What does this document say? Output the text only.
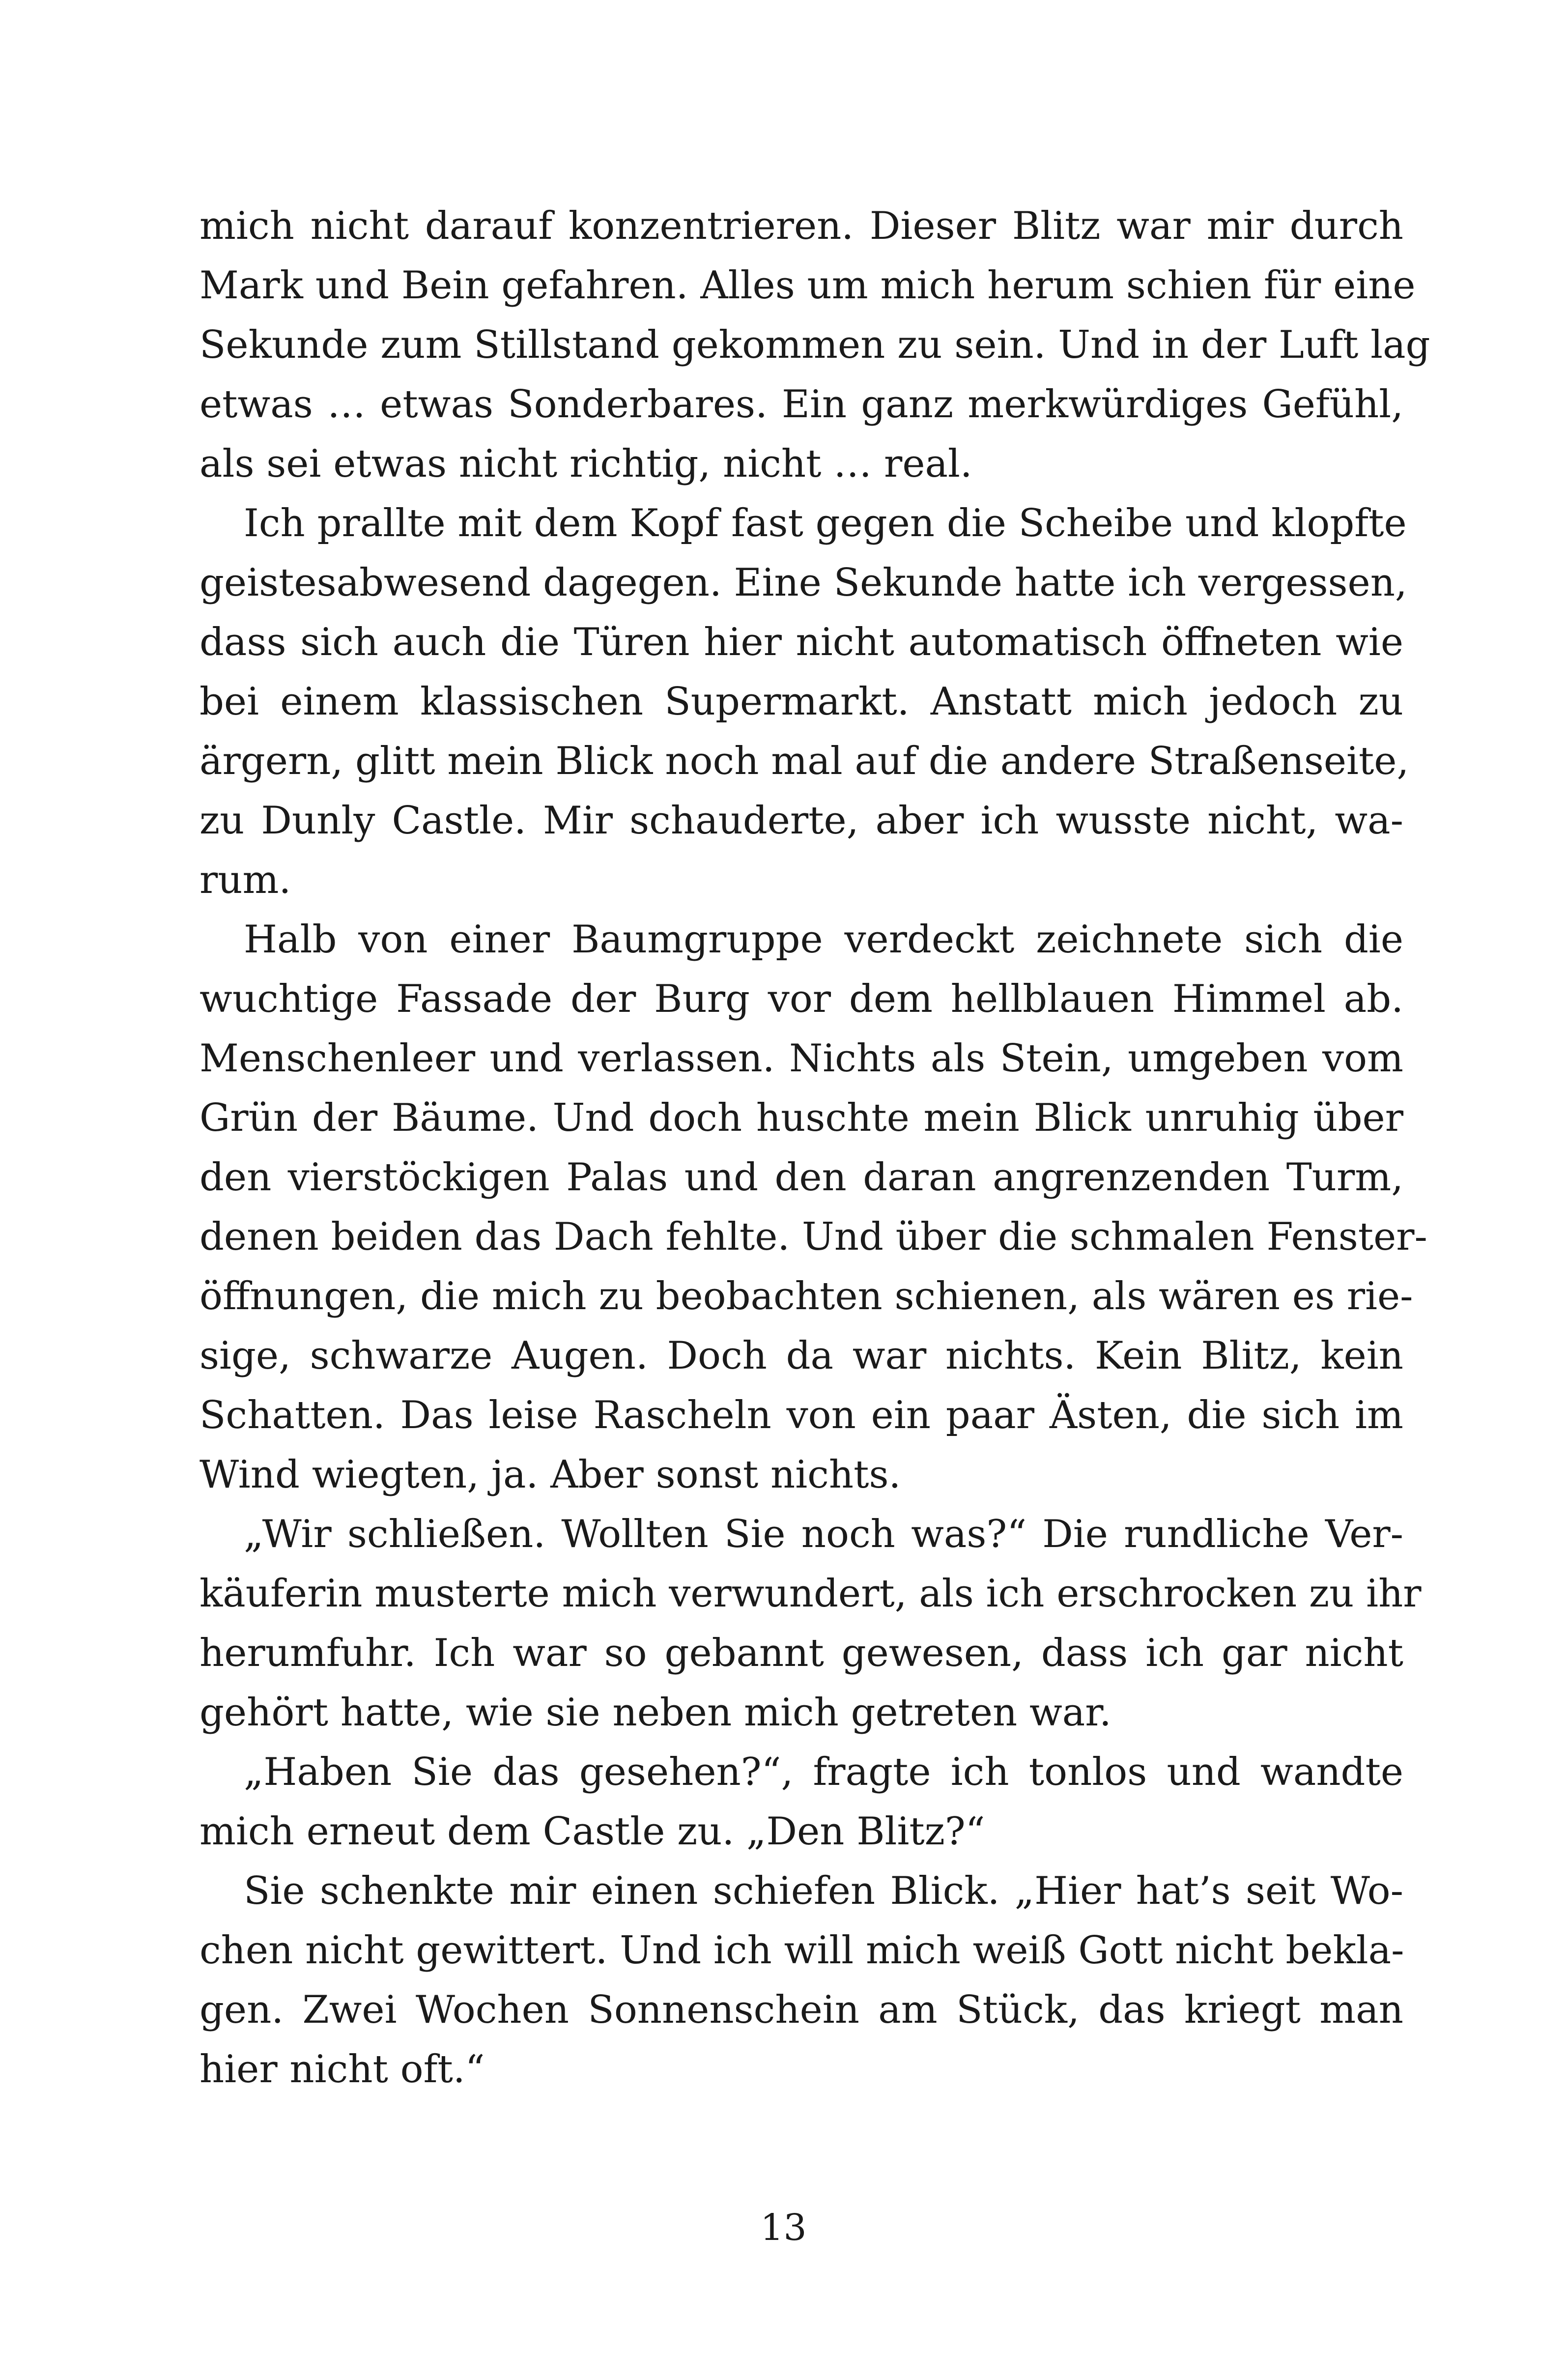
mich nicht darauf konzentrieren. Dieser Blitz war mir durch
Mark und Bein gefahren. Alles um mich herum schien für eine
Sekunde zum Stillstand gekommen zu sein. Und in der Luft lag
etwas … etwas Sonderbares. Ein ganz merkwürdiges Gefühl,
als sei etwas nicht richtig, nicht … real.
Ich prallte mit dem Kopf fast gegen die Scheibe und klopfte
geistesabwesend dagegen. Eine Sekunde hatte ich vergessen,
dass sich auch die Türen hier nicht automatisch öffneten wie
bei einem klassischen Supermarkt. Anstatt mich jedoch zu
ärgern, glitt mein Blick noch mal auf die andere Straßenseite,
zu Dunly Castle. Mir schauderte, aber ich wusste nicht, wa-
rum.
Halb von einer Baumgruppe verdeckt zeichnete sich die
wuchtige Fassade der Burg vor dem hellblauen Himmel ab.
Menschenleer und verlassen. Nichts als Stein, umgeben vom
Grün der Bäume. Und doch huschte mein Blick unruhig über
den vierstöckigen Palas und den daran angrenzenden Turm,
denen beiden das Dach fehlte. Und über die schmalen Fenster-
öffnungen, die mich zu beobachten schienen, als wären es rie-
sige, schwarze Augen. Doch da war nichts. Kein Blitz, kein
Schatten. Das leise Rascheln von ein paar Ästen, die sich im
Wind wiegten, ja. Aber sonst nichts.
„Wir schließen. Wollten Sie noch was?“ Die rundliche Ver-
käuferin musterte mich verwundert, als ich erschrocken zu ihr
herumfuhr. Ich war so gebannt gewesen, dass ich gar nicht
gehört hatte, wie sie neben mich getreten war.
„Haben Sie das gesehen?“, fragte ich tonlos und wandte
mich erneut dem Castle zu. „Den Blitz?“
Sie schenkte mir einen schiefen Blick. „Hier hat’s seit Wo-
chen nicht gewittert. Und ich will mich weiß Gott nicht bekla-
gen. Zwei Wochen Sonnenschein am Stück, das kriegt man
hier nicht oft.“
13
